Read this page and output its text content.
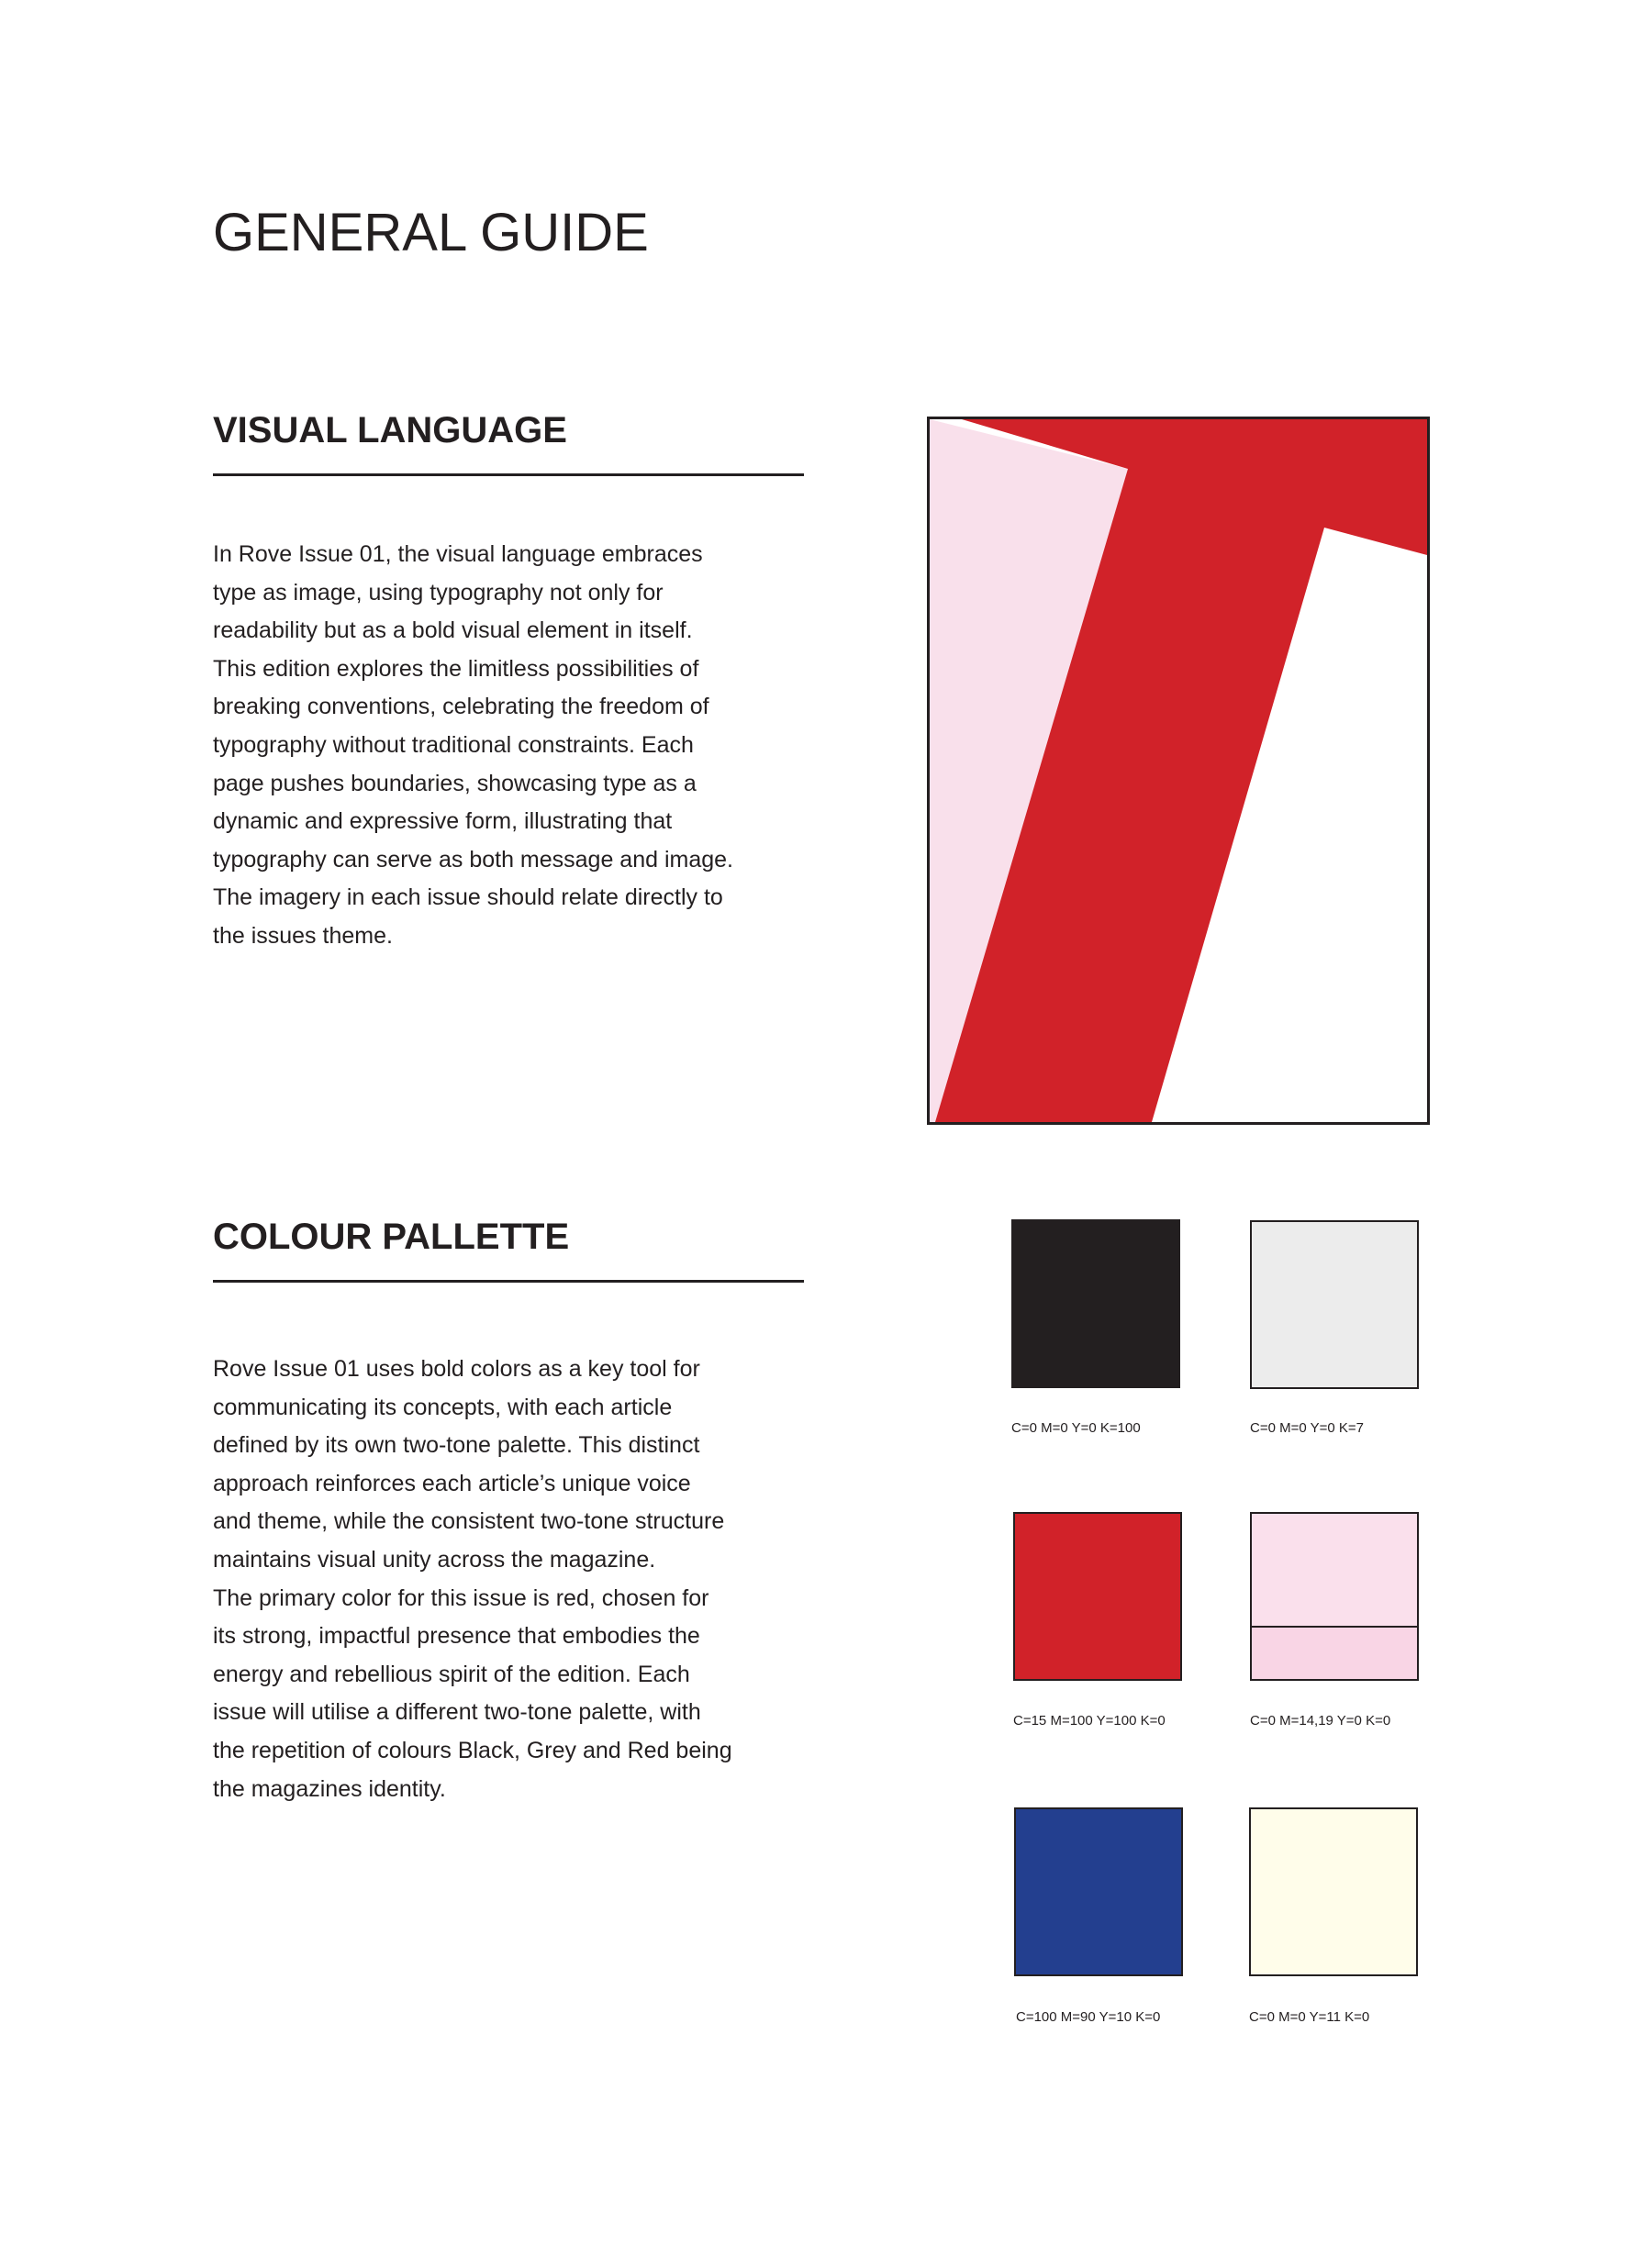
GENERAL GUIDE
VISUAL LANGUAGE

In Rove Issue 01, the visual language embraces
type as image, using typography not only for
readability but as a bold visual element in itself.
This edition explores the limitless possibilities of
breaking conventions, celebrating the freedom of
typography without traditional constraints. Each
page pushes boundaries, showcasing type as a
dynamic and expressive form, illustrating that
typography can serve as both message and image.
The imagery in each issue should relate directly to
the issues theme.

COLOUR PALLETTE

Rove Issue 01 uses bold colors as a key tool for
communicating its concepts, with each article
defined by its own two-tone palette. This distinct
approach reinforces each article’s unique voice
and theme, while the consistent two-tone structure
maintains visual unity across the magazine.
The primary color for this issue is red, chosen for
its strong, impactful presence that embodies the
energy and rebellious spirit of the edition. Each
issue will utilise a different two-tone palette, with
the repetition of colours Black, Grey and Red being
the magazines identity.

C=0 M=0 Y=0 K=100	C=0 M=0 Y=0 K=7
C=15 M=100 Y=100 K=0	C=0 M=14,19 Y=0 K=0
C=100 M=90 Y=10 K=0	C=0 M=0 Y=11 K=0
